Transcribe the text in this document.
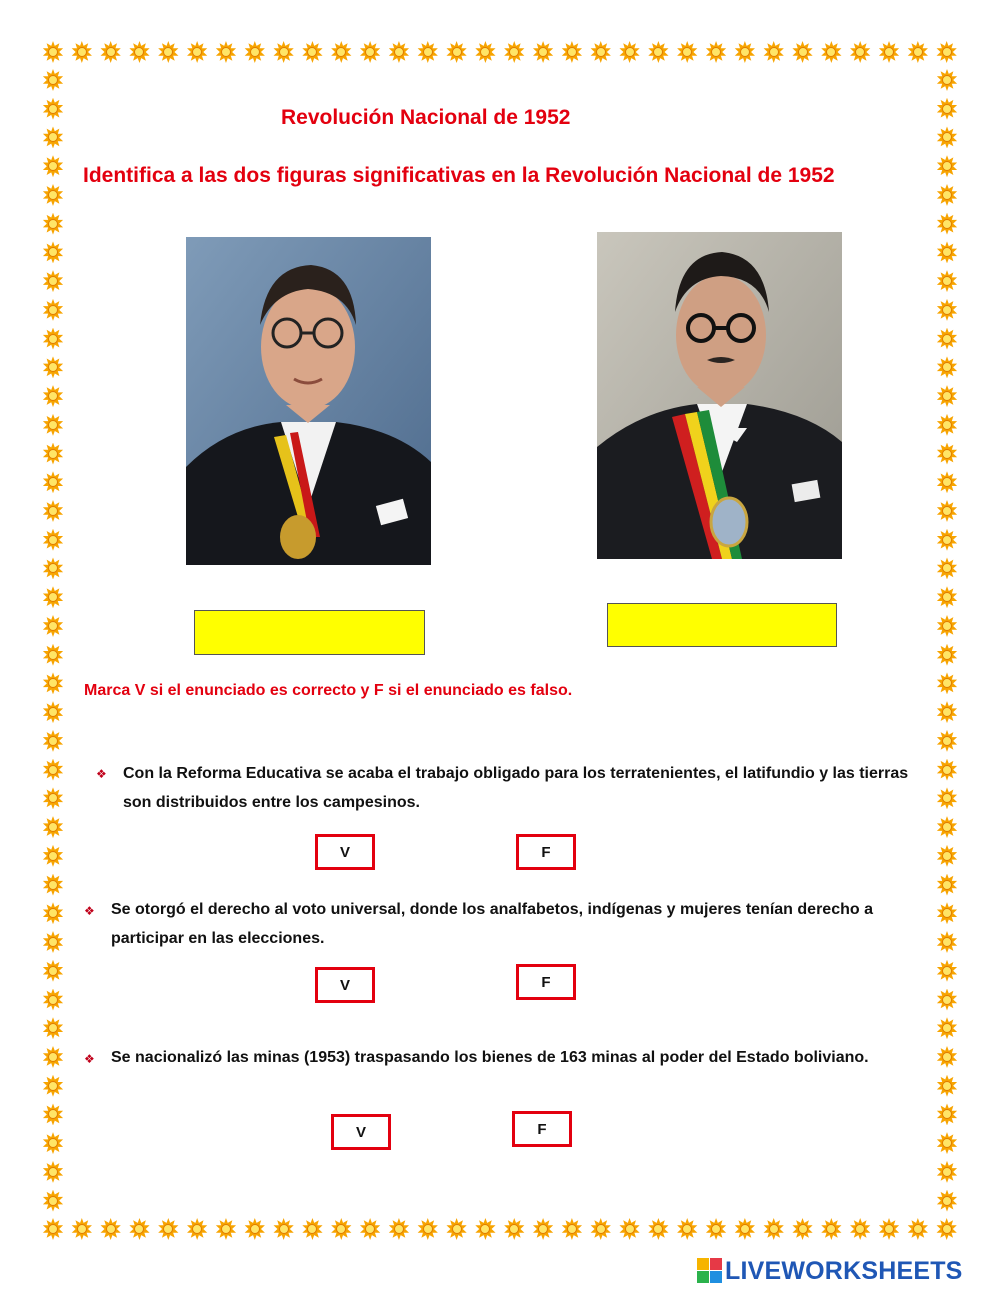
Revolución Nacional de 1952
Identifica a las dos figuras significativas en la Revolución Nacional de 1952
Marca V si el enunciado es correcto y F si el enunciado es falso.
❖ Con la Reforma Educativa se acaba el trabajo obligado para los terratenientes, el latifundio y las tierras son distribuidos entre los campesinos.
V	F
❖ Se otorgó el derecho al voto universal, donde los analfabetos, indígenas y mujeres tenían derecho a participar en las elecciones.
V	F
❖ Se nacionalizó las minas (1953) traspasando los bienes de 163 minas al poder del Estado boliviano.
V	F
LIVEWORKSHEETS
